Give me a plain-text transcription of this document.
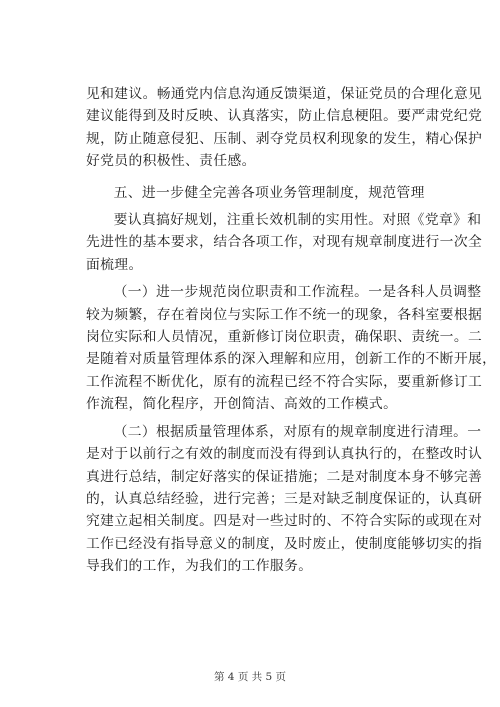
见和建议。畅通党内信息沟通反馈渠道，保证党员的合理化意见
建议能得到及时反映、认真落实，防止信息梗阻。要严肃党纪党
规，防止随意侵犯、压制、剥夺党员权利现象的发生，精心保护
好党员的积极性、责任感。

五、进一步健全完善各项业务管理制度，规范管理

要认真搞好规划，注重长效机制的实用性。对照《党章》和
先进性的基本要求，结合各项工作，对现有规章制度进行一次全
面梳理。

（一）进一步规范岗位职责和工作流程。一是各科人员调整
较为频繁，存在着岗位与实际工作不统一的现象，各科室要根据
岗位实际和人员情况，重新修订岗位职责，确保职、责统一。二
是随着对质量管理体系的深入理解和应用，创新工作的不断开展，
工作流程不断优化，原有的流程已经不符合实际，要重新修订工
作流程，简化程序，开创简洁、高效的工作模式。

（二）根据质量管理体系，对原有的规章制度进行清理。一
是对于以前行之有效的制度而没有得到认真执行的，在整改时认
真进行总结，制定好落实的保证措施；二是对制度本身不够完善
的，认真总结经验，进行完善；三是对缺乏制度保证的，认真研
究建立起相关制度。四是对一些过时的、不符合实际的或现在对
工作已经没有指导意义的制度，及时废止，使制度能够切实的指
导我们的工作，为我们的工作服务。

第 4 页 共 5 页
